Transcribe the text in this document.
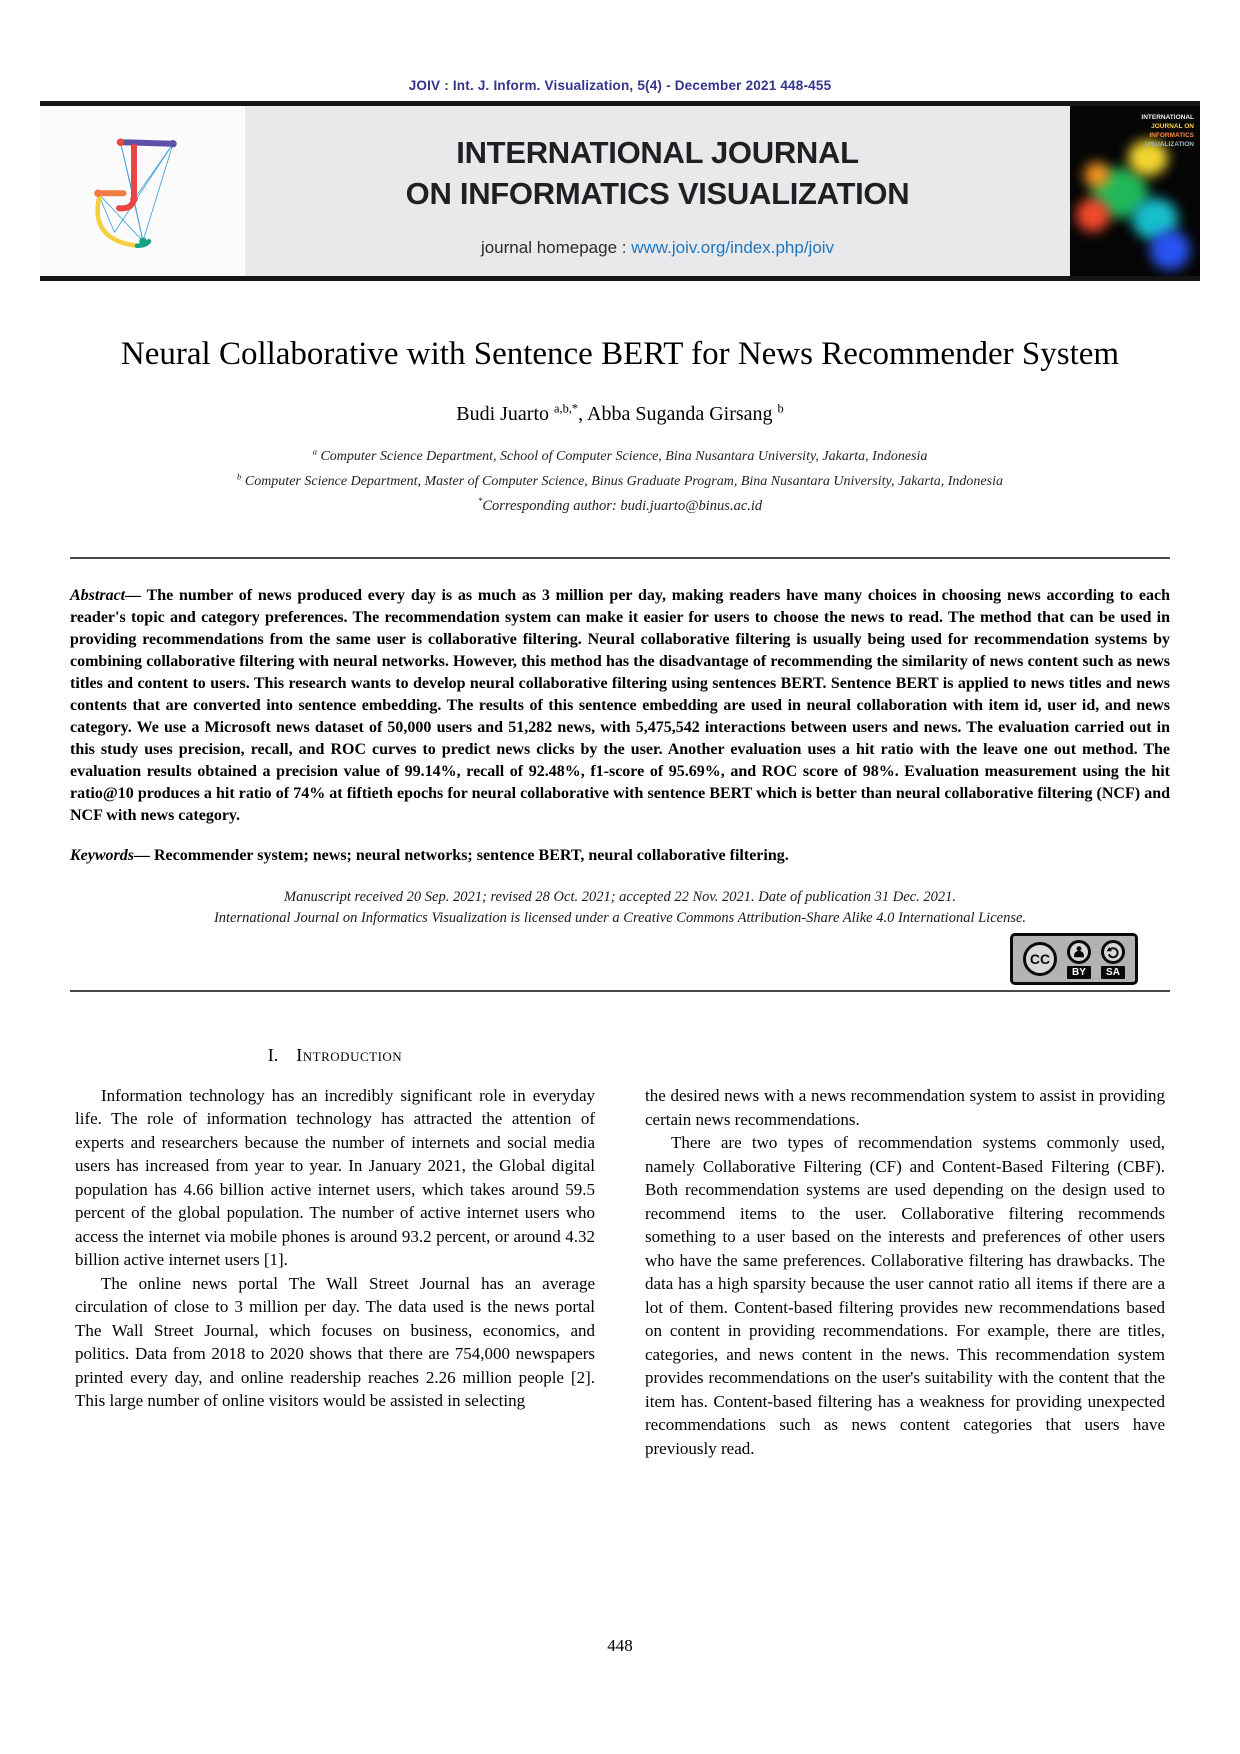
JOIV : Int. J. Inform. Visualization, 5(4) - December 2021 448-455
INTERNATIONAL JOURNAL
ON INFORMATICS VISUALIZATION
journal homepage : www.joiv.org/index.php/joiv
INTERNATIONAL
JOURNAL ON
INFORMATICS
VISUALIZATION
Neural Collaborative with Sentence BERT for News Recommender System
Budi Juarto $^{a,b,*}$, Abba Suganda Girsang $^b$
$^a$ Computer Science Department, School of Computer Science, Bina Nusantara University, Jakarta, Indonesia
$^b$ Computer Science Department, Master of Computer Science, Binus Graduate Program, Bina Nusantara University, Jakarta, Indonesia
*Corresponding author: budi.juarto@binus.ac.id

Abstract— The number of news produced every day is as much as 3 million per day, making readers have many choices in choosing news according to each reader's topic and category preferences. The recommendation system can make it easier for users to choose the news to read. The method that can be used in providing recommendations from the same user is collaborative filtering. Neural collaborative filtering is usually being used for recommendation systems by combining collaborative filtering with neural networks. However, this method has the disadvantage of recommending the similarity of news content such as news titles and content to users. This research wants to develop neural collaborative filtering using sentences BERT. Sentence BERT is applied to news titles and news contents that are converted into sentence embedding. The results of this sentence embedding are used in neural collaboration with item id, user id, and news category. We use a Microsoft news dataset of 50,000 users and 51,282 news, with 5,475,542 interactions between users and news. The evaluation carried out in this study uses precision, recall, and ROC curves to predict news clicks by the user. Another evaluation uses a hit ratio with the leave one out method. The evaluation results obtained a precision value of 99.14%, recall of 92.48%, f1-score of 95.69%, and ROC score of 98%. Evaluation measurement using the hit ratio@10 produces a hit ratio of 74% at fiftieth epochs for neural collaborative with sentence BERT which is better than neural collaborative filtering (NCF) and NCF with news category.

Keywords— Recommender system; news; neural networks; sentence BERT, neural collaborative filtering.

Manuscript received 20 Sep. 2021; revised 28 Oct. 2021; accepted 22 Nov. 2021. Date of publication 31 Dec. 2021.
International Journal on Informatics Visualization is licensed under a Creative Commons Attribution-Share Alike 4.0 International License.
CC
BY	SA
I. Introduction

Information technology has an incredibly significant role in everyday life. The role of information technology has attracted the attention of experts and researchers because the number of internets and social media users has increased from year to year. In January 2021, the Global digital population has 4.66 billion active internet users, which takes around 59.5 percent of the global population. The number of active internet users who access the internet via mobile phones is around 93.2 percent, or around 4.32 billion active internet users [1].

The online news portal The Wall Street Journal has an average circulation of close to 3 million per day. The data used is the news portal The Wall Street Journal, which focuses on business, economics, and politics. Data from 2018 to 2020 shows that there are 754,000 newspapers printed every day, and online readership reaches 2.26 million people [2]. This large number of online visitors would be assisted in selecting

the desired news with a news recommendation system to assist in providing certain news recommendations.

There are two types of recommendation systems commonly used, namely Collaborative Filtering (CF) and Content-Based Filtering (CBF). Both recommendation systems are used depending on the design used to recommend items to the user. Collaborative filtering recommends something to a user based on the interests and preferences of other users who have the same preferences. Collaborative filtering has drawbacks. The data has a high sparsity because the user cannot ratio all items if there are a lot of them. Content-based filtering provides new recommendations based on content in providing recommendations. For example, there are titles, categories, and news content in the news. This recommendation system provides recommendations on the user's suitability with the content that the item has. Content-based filtering has a weakness for providing unexpected recommendations such as news content categories that users have previously read.

448
